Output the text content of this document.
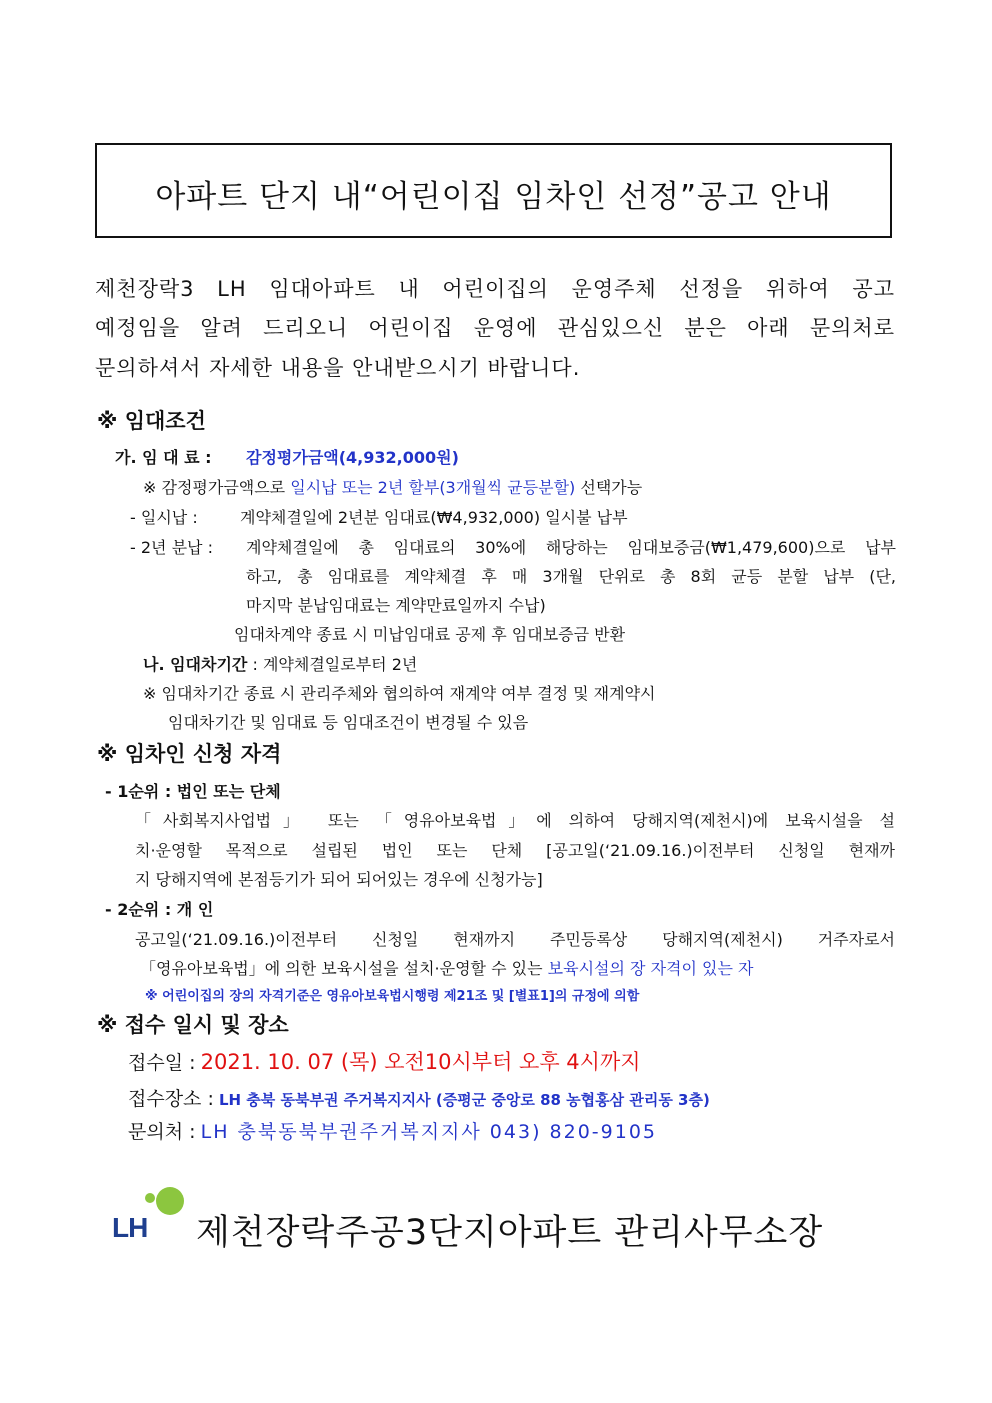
아파트 단지 내“어린이집 임차인 선정”공고 안내
제천장락3 LH 임대아파트 내 어린이집의 운영주체 선정을 위하여 공고
예정임을 알려 드리오니 어린이집 운영에 관심있으신 분은 아래 문의처로
문의하셔서 자세한 내용을 안내받으시기 바랍니다.
※ 임대조건
가. 임 대 료 : 감정평가금액(4,932,000원)
※ 감정평가금액으로 일시납 또는 2년 할부(3개월씩 균등분할) 선택가능
- 일시납 :	계약체결일에 2년분 임대료(₩4,932,000) 일시불 납부
- 2년 분납 : 계약체결일에 총 임대료의 30%에 해당하는 임대보증금(₩1,479,600)으로 납부
하고, 총 임대료를 계약체결 후 매 3개월 단위로 총 8회 균등 분할 납부 (단,
마지막 분납임대료는 계약만료일까지 수납)
임대차계약 종료 시 미납임대료 공제 후 임대보증금 반환
나. 임대차기간 : 계약체결일로부터 2년
※ 임대차기간 종료 시 관리주체와 협의하여 재계약 여부 결정 및 재계약시
임대차기간 및 임대료 등 임대조건이 변경될 수 있음
※ 임차인 신청 자격
- 1순위 : 법인 또는 단체
「사회복지사업법」 또는 「영유아보육법」에 의하여 당해지역(제천시)에 보육시설을 설
치·운영할 목적으로 설립된 법인 또는 단체 [공고일(‘21.09.16.)이전부터 신청일 현재까
지 당해지역에 본점등기가 되어 되어있는 경우에 신청가능]
- 2순위 : 개 인
공고일(‘21.09.16.)이전부터 신청일 현재까지 주민등록상 당해지역(제천시) 거주자로서
「영유아보육법」에 의한 보육시설을 설치·운영할 수 있는 보육시설의 장 자격이 있는 자
※ 어린이집의 장의 자격기준은 영유아보육법시행령 제21조 및 [별표1]의 규정에 의함
※ 접수 일시 및 장소
접수일 : 2021. 10. 07 (목) 오전10시부터 오후 4시까지
접수장소 : LH 충북 동북부권 주거복지지사 (증평군 중앙로 88 농협홍삼 관리동 3층)
문의처 : LH 충북동북부권주거복지지사 043) 820-9105
LH 제천장락주공3단지아파트 관리사무소장
